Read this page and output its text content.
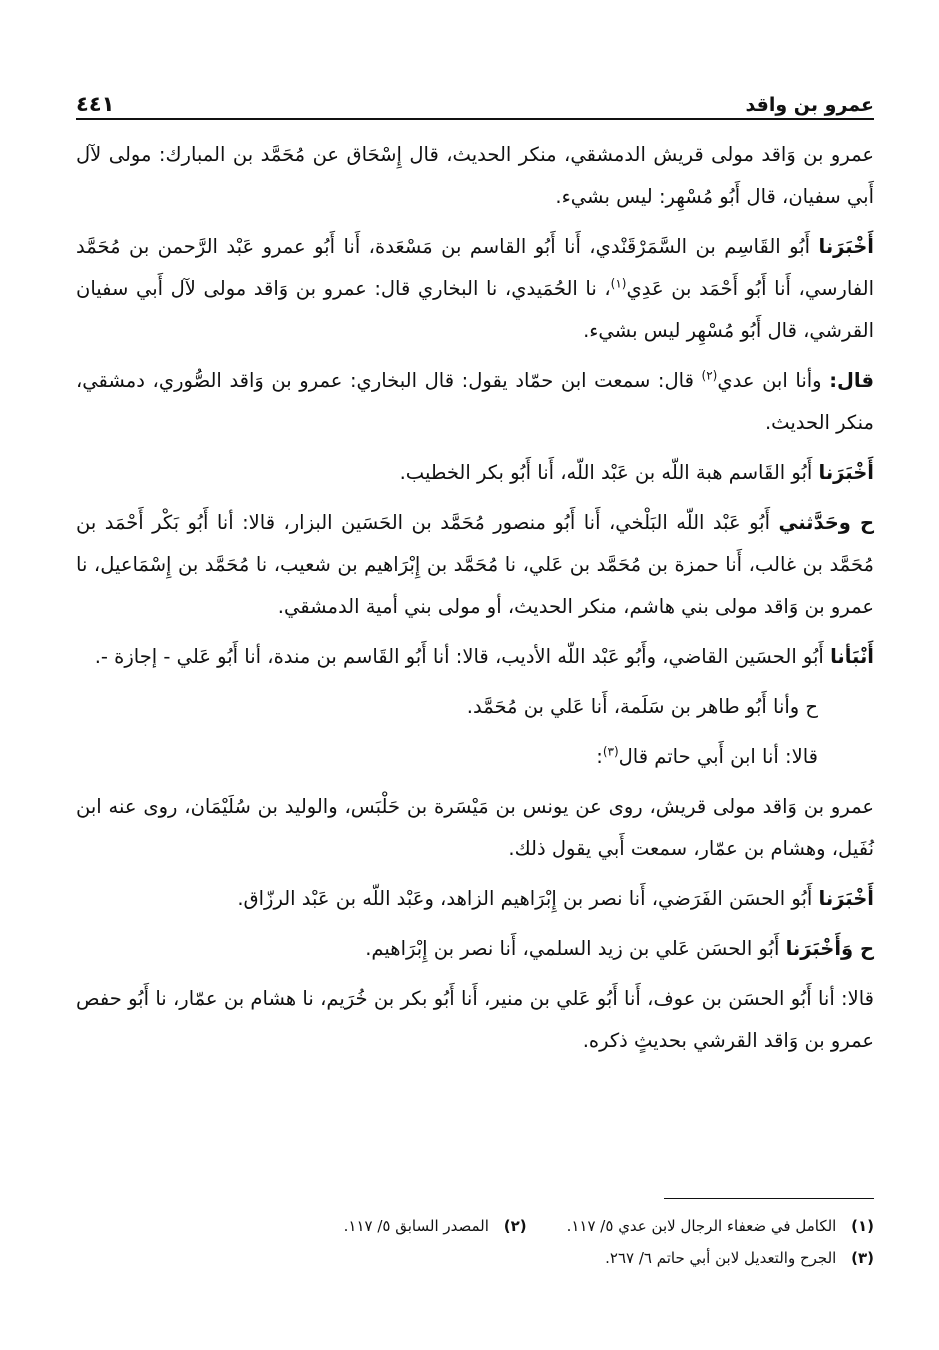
عمرو بن واقد
٤٤١

عمرو بن وَاقد مولى قريش الدمشقي، منكر الحديث، قال إِسْحَاق عن مُحَمَّد بن المبارك: مولى لآل أَبي سفيان، قال أَبُو مُسْهِر: ليس بشيء.

أَخْبَرَنا أَبُو القَاسِم بن السَّمَرْقَنْدي، أَنا أَبُو القاسم بن مَسْعَدة، أَنا أَبُو عمرو عَبْد الرَّحمن بن مُحَمَّد الفارسي، أَنا أَبُو أَحْمَد بن عَدِي$^{(١)}$، نا الحُمَيدي، نا البخاري قال: عمرو بن وَاقد مولى لآل أَبي سفيان القرشي، قال أَبُو مُسْهِر ليس بشيء.

قال: وأنا ابن عدي$^{(٢)}$ قال: سمعت ابن حمّاد يقول: قال البخاري: عمرو بن وَاقد الصُّوري، دمشقي، منكر الحديث.

أَخْبَرَنا أَبُو القَاسم هبة اللّه بن عَبْد اللّه، أَنا أَبُو بكر الخطيب.

ح وحَدَّثني أَبُو عَبْد اللّه البَلْخي، أَنا أَبُو منصور مُحَمَّد بن الحَسَين البزار، قالا: أنا أَبُو بَكْر أَحْمَد بن مُحَمَّد بن غالب، أَنا حمزة بن مُحَمَّد بن عَلي، نا مُحَمَّد بن إِبْرَاهيم بن شعيب، نا مُحَمَّد بن إِسْمَاعيل، نا عمرو بن وَاقد مولى بني هاشم، منكر الحديث، أو مولى بني أمية الدمشقي.

أَنْبَأنا أَبُو الحسَين القاضي، وأَبُو عَبْد اللّه الأديب، قالا: أنا أَبُو القَاسم بن مندة، أنا أَبُو عَلي - إجازة -.

ح وأنا أَبُو طاهر بن سَلَمة، أَنا عَلي بن مُحَمَّد.

قالا: أنا ابن أَبي حاتم قال$^{(٣)}$:

عمرو بن وَاقد مولى قريش، روى عن يونس بن مَيْسَرة بن حَلْبَس، والوليد بن سُلَيْمَان، روى عنه ابن نُفَيل، وهشام بن عمّار، سمعت أَبي يقول ذلك.

أَخْبَرَنا أَبُو الحسَن الفَرَضي، أَنا نصر بن إِبْرَاهيم الزاهد، وعَبْد اللّه بن عَبْد الرزّاق.

ح وَأَخْبَرَنا أَبُو الحسَن عَلي بن زيد السلمي، أَنا نصر بن إِبْرَاهيم.

قالا: أنا أَبُو الحسَن بن عوف، أَنا أَبُو عَلي بن منير، أَنا أَبُو بكر بن خُرَيم، نا هشام بن عمّار، نا أَبُو حفص عمرو بن وَاقد القرشي بحديثٍ ذكره.

(١) الكامل في ضعفاء الرجال لابن عدي ٥/ ١١٧.
(٢) المصدر السابق ٥/ ١١٧.
(٣) الجرح والتعديل لابن أبي حاتم ٦/ ٢٦٧.
